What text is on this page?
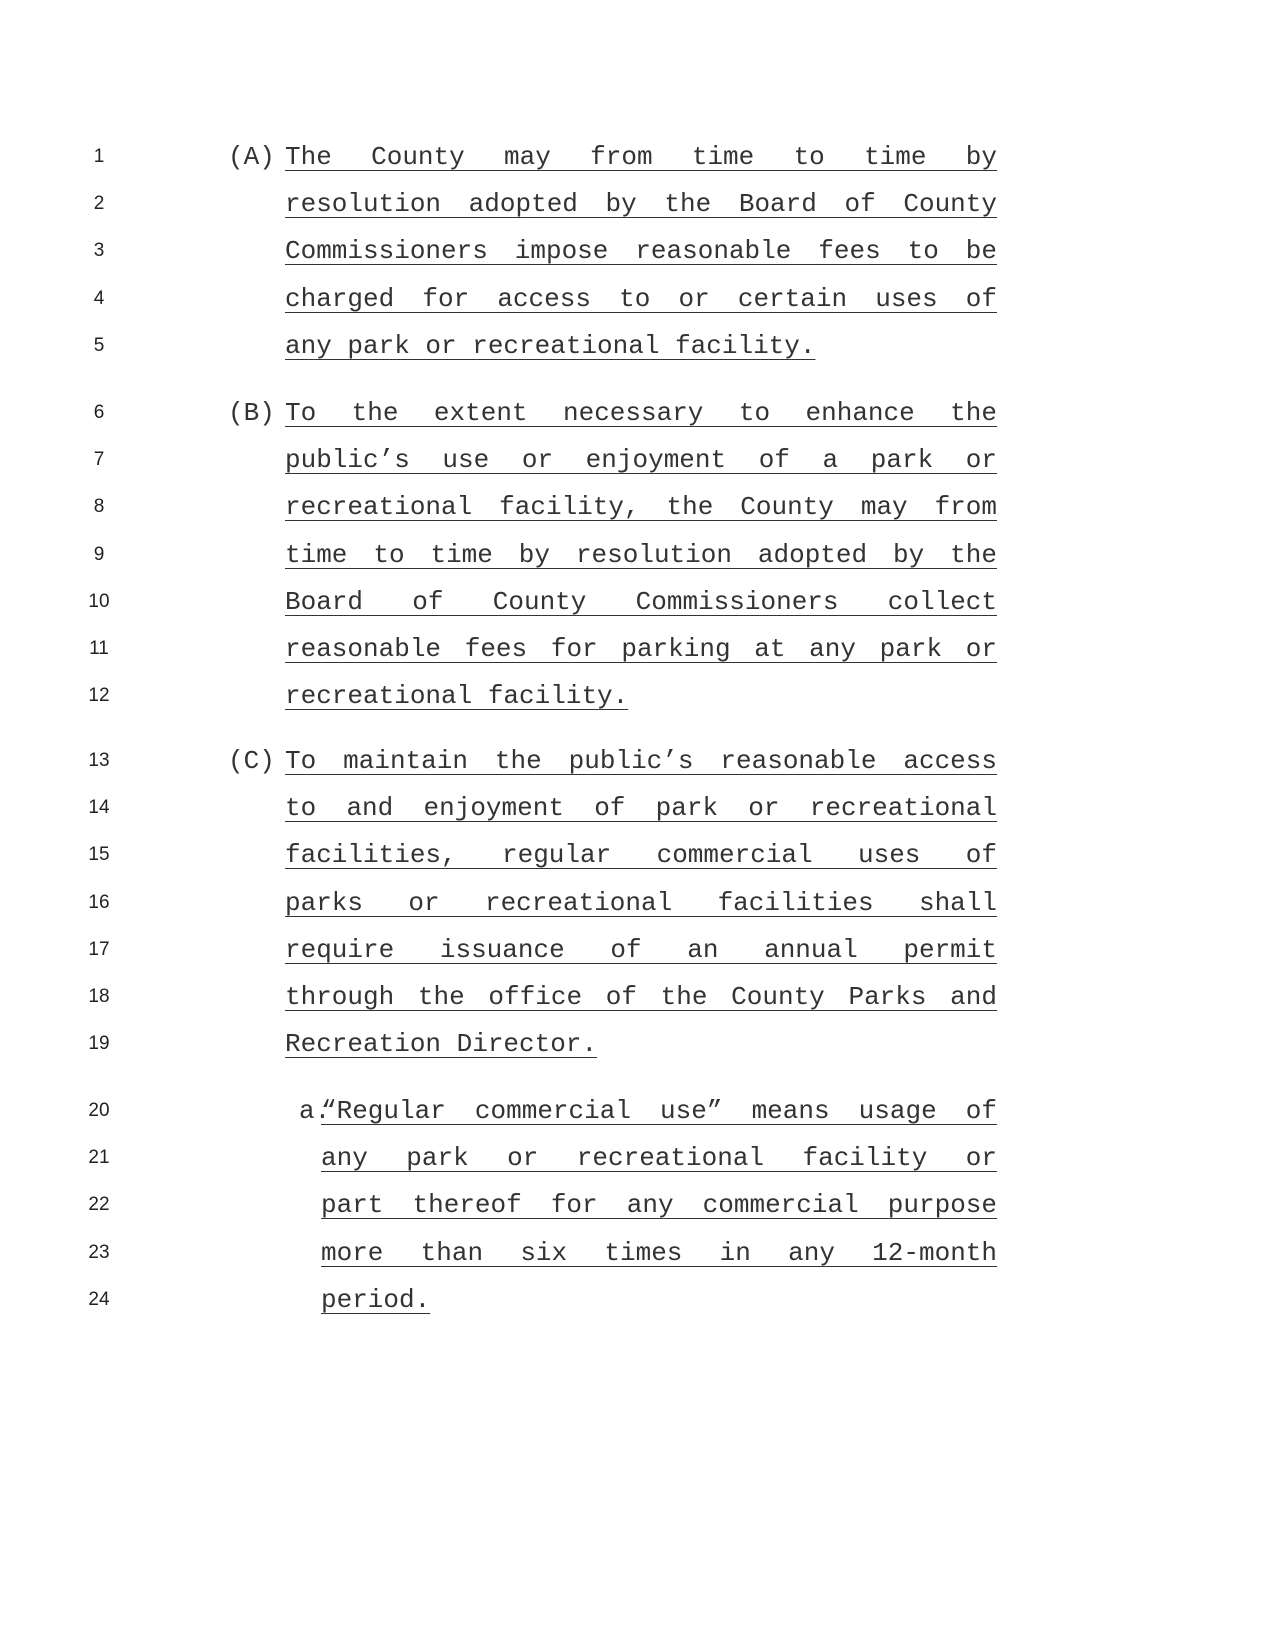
1	(A) The County may from time to time by
2	resolution adopted by the Board of County
3	Commissioners impose reasonable fees to be
4	charged for access to or certain uses of
5	any park or recreational facility.
6	(B) To the extent necessary to enhance the
7	public’s use or enjoyment of a park or
8	recreational facility, the County may from
9	time to time by resolution adopted by the
10	Board of County Commissioners collect
11	reasonable fees for parking at any park or
12	recreational facility.
13	(C) To maintain the public’s reasonable access
14	to and enjoyment of park or recreational
15	facilities, regular commercial uses of
16	parks or recreational facilities shall
17	require issuance of an annual permit
18	through the office of the County Parks and
19	Recreation Director.
20	a.
“Regular commercial use” means usage of
21	any park or recreational facility or
22	part thereof for any commercial purpose
23	more than six times in any 12-month
24	period.
